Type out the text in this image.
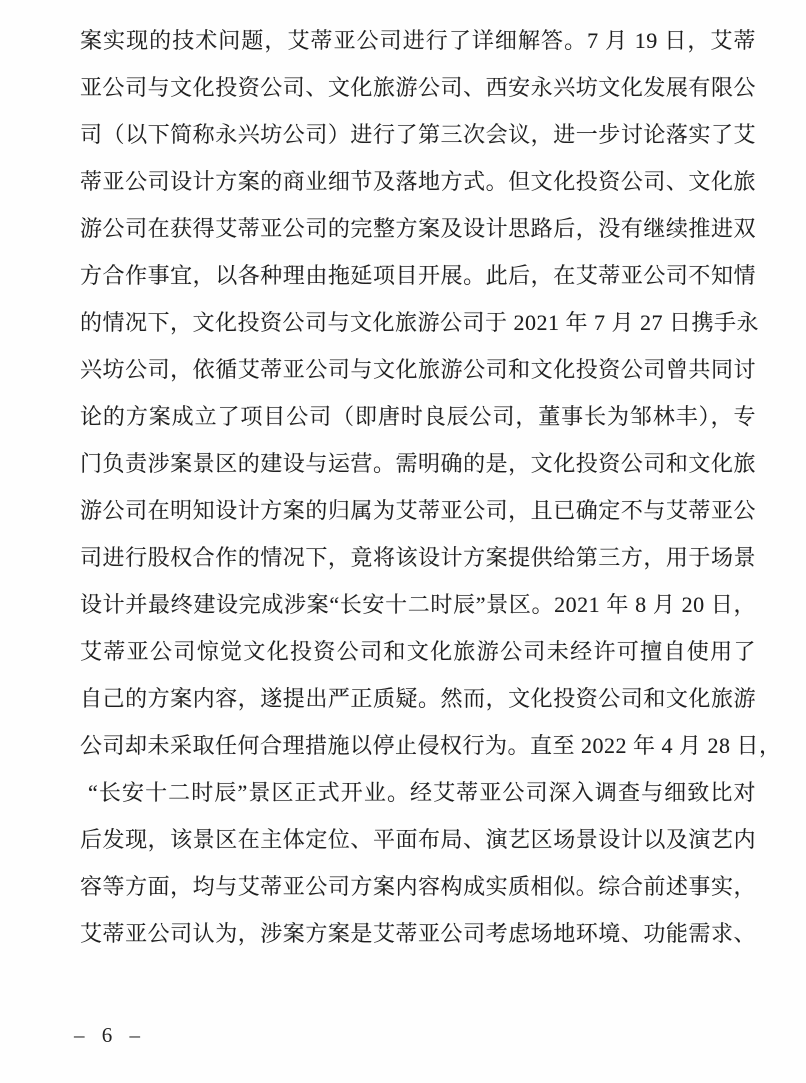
案实现的技术问题，艾蒂亚公司进行了详细解答。7 月 19 日，艾蒂
亚公司与文化投资公司、文化旅游公司、西安永兴坊文化发展有限公
司（以下简称永兴坊公司）进行了第三次会议，进一步讨论落实了艾
蒂亚公司设计方案的商业细节及落地方式。但文化投资公司、文化旅
游公司在获得艾蒂亚公司的完整方案及设计思路后，没有继续推进双
方合作事宜，以各种理由拖延项目开展。此后，在艾蒂亚公司不知情
的情况下，文化投资公司与文化旅游公司于 2021 年 7 月 27 日携手永
兴坊公司，依循艾蒂亚公司与文化旅游公司和文化投资公司曾共同讨
论的方案成立了项目公司（即唐时良辰公司，董事长为邹林丰），专
门负责涉案景区的建设与运营。需明确的是，文化投资公司和文化旅
游公司在明知设计方案的归属为艾蒂亚公司，且已确定不与艾蒂亚公
司进行股权合作的情况下，竟将该设计方案提供给第三方，用于场景
设计并最终建设完成涉案“长安十二时辰”景区。2021 年 8 月 20 日，
艾蒂亚公司惊觉文化投资公司和文化旅游公司未经许可擅自使用了
自己的方案内容，遂提出严正质疑。然而，文化投资公司和文化旅游
公司却未采取任何合理措施以停止侵权行为。直至 2022 年 4 月 28 日，
“长安十二时辰”景区正式开业。经艾蒂亚公司深入调查与细致比对
后发现，该景区在主体定位、平面布局、演艺区场景设计以及演艺内
容等方面，均与艾蒂亚公司方案内容构成实质相似。综合前述事实，
艾蒂亚公司认为，涉案方案是艾蒂亚公司考虑场地环境、功能需求、
– 6 –
